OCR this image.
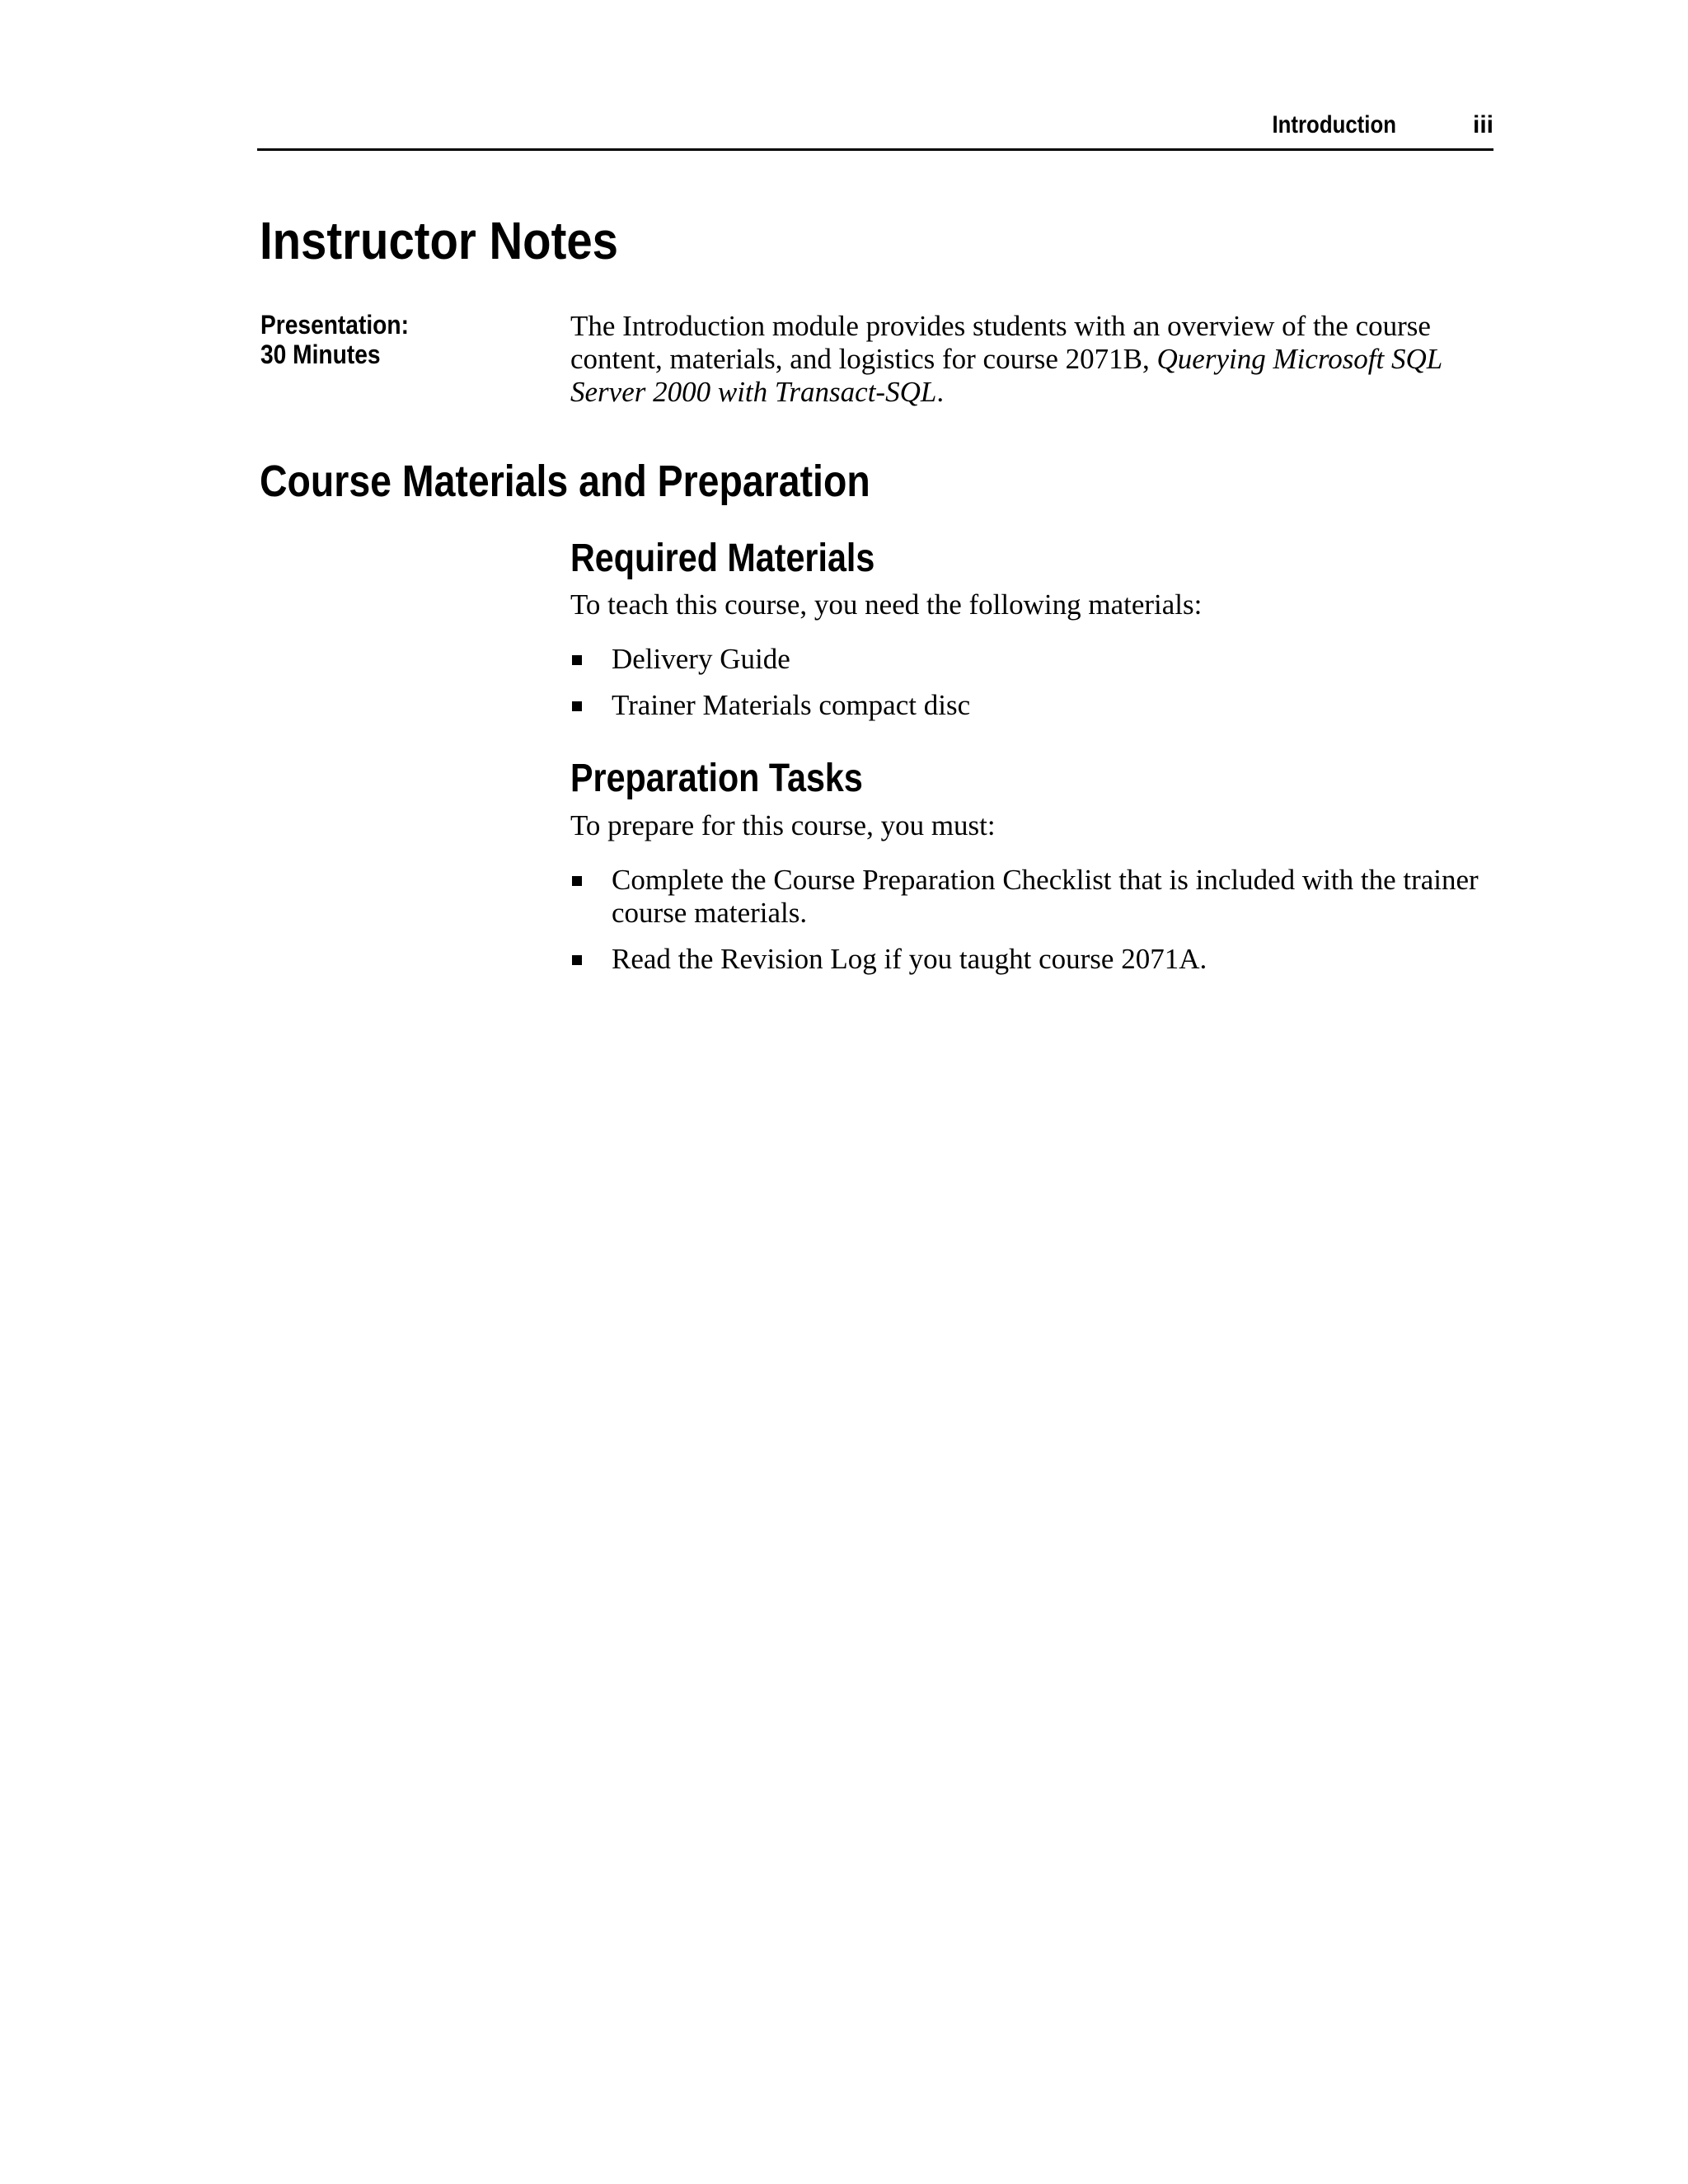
Introduction	iii
Instructor Notes
Presentation:
30 Minutes

The Introduction module provides students with an overview of the course content, materials, and logistics for course 2071B, Querying Microsoft SQL Server 2000 with Transact-SQL.

Course Materials and Preparation
Required Materials

To teach this course, you need the following materials:

Delivery Guide
Trainer Materials compact disc
Preparation Tasks

To prepare for this course, you must:

Complete the Course Preparation Checklist that is included with the trainer course materials.
Read the Revision Log if you taught course 2071A.
